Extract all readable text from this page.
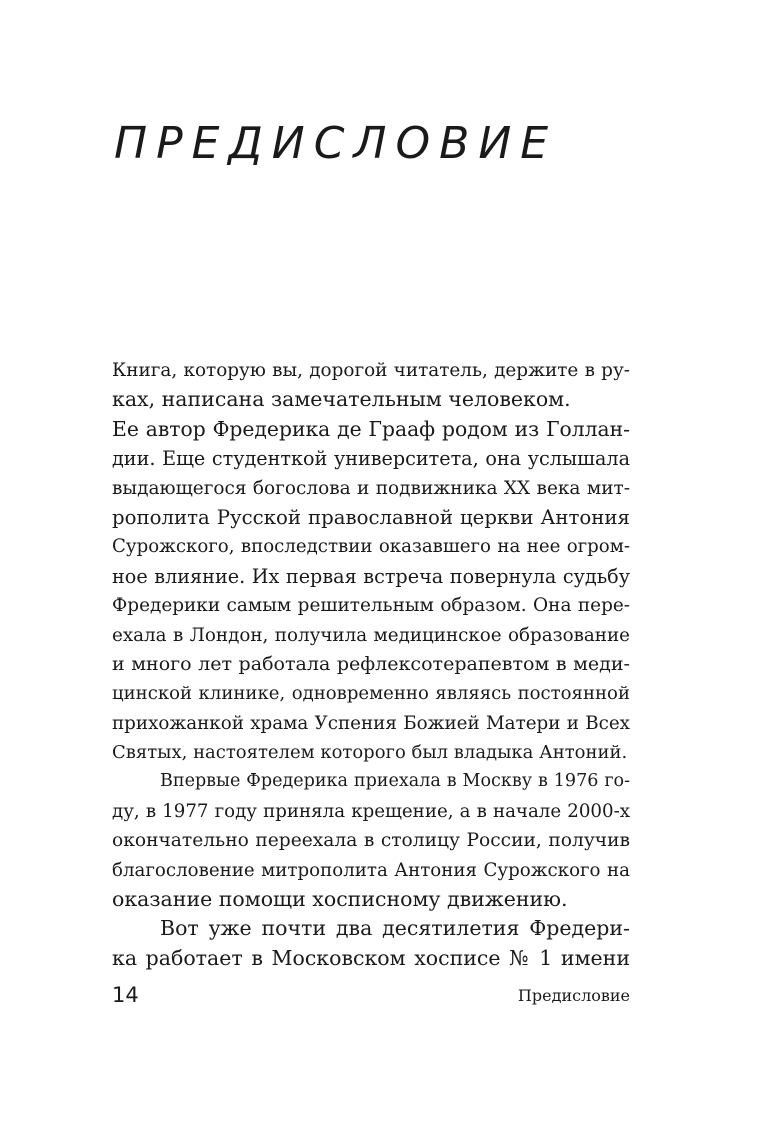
ПРЕДИСЛОВИЕ

Книга, которую вы, дорогой читатель, держите в ру-
ках, написана замечательным человеком.
Ее автор Фредерика де Грааф родом из Голлан-
дии. Еще студенткой университета, она услышала
выдающегося богослова и подвижника XX века мит-
рополита Русской православной церкви Антония
Сурожского, впоследствии оказавшего на нее огром-
ное влияние. Их первая встреча повернула судьбу
Фредерики самым решительным образом. Она пере-
ехала в Лондон, получила медицинское образование
и много лет работала рефлексотерапевтом в меди-
цинской клинике, одновременно являясь постоянной
прихожанкой храма Успения Божией Матери и Всех
Святых, настоятелем которого был владыка Антоний.

Впервые Фредерика приехала в Москву в 1976 го-
ду, в 1977 году приняла крещение, а в начале 2000-х
окончательно переехала в столицу России, получив
благословение митрополита Антония Сурожского на
оказание помощи хосписному движению.

Вот уже почти два десятилетия Фредери-
ка работает в Московском хосписе № 1 имени

14	Предисловие
